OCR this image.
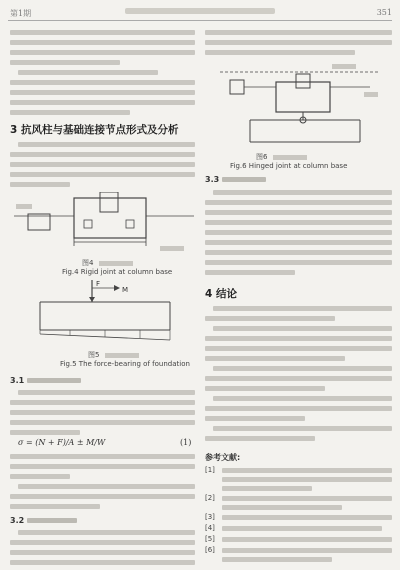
第1期	351
3 抗风柱与基础连接节点形式及分析
图4
Fig.4 Rigid joint at column base
F
M
图5
Fig.5 The force-bearing of foundation
3.1
σ = (N + F)/A ± M/W	(1)
3.2
图6
Fig.6 Hinged joint at column base
3.3
4 结论
参考文献:
[1]
[2]
[3]
[4]
[5]
[6]
